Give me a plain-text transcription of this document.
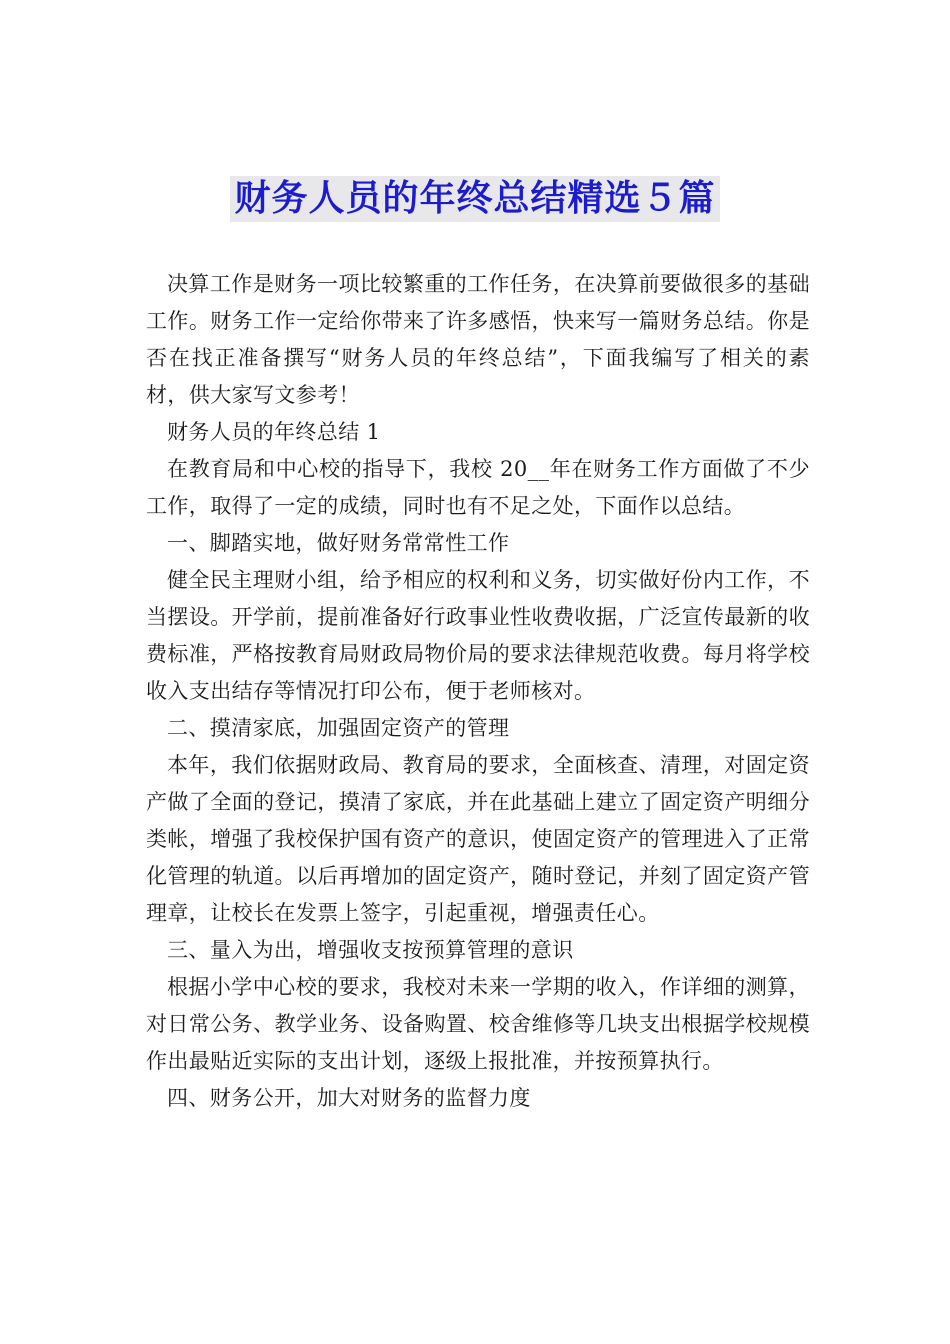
财务人员的年终总结精选５篇

决算工作是财务一项比较繁重的工作任务，在决算前要做很多的基础工作。财务工作一定给你带来了许多感悟，快来写一篇财务总结。你是否在找正准备撰写“财务人员的年终总结”，下面我编写了相关的素材，供大家写文参考！

财务人员的年终总结 1

在教育局和中心校的指导下，我校 20__年在财务工作方面做了不少工作，取得了一定的成绩，同时也有不足之处，下面作以总结。

一、脚踏实地，做好财务常常性工作

健全民主理财小组，给予相应的权利和义务，切实做好份内工作，不当摆设。开学前，提前准备好行政事业性收费收据，广泛宣传最新的收费标准，严格按教育局财政局物价局的要求法律规范收费。每月将学校收入支出结存等情况打印公布，便于老师核对。

二、摸清家底，加强固定资产的管理

本年，我们依据财政局、教育局的要求，全面核查、清理，对固定资产做了全面的登记，摸清了家底，并在此基础上建立了固定资产明细分类帐，增强了我校保护国有资产的意识，使固定资产的管理进入了正常化管理的轨道。以后再增加的固定资产，随时登记，并刻了固定资产管理章，让校长在发票上签字，引起重视，增强责任心。

三、量入为出，增强收支按预算管理的意识

根据小学中心校的要求，我校对未来一学期的收入，作详细的测算，对日常公务、教学业务、设备购置、校舍维修等几块支出根据学校规模作出最贴近实际的支出计划，逐级上报批准，并按预算执行。

四、财务公开，加大对财务的监督力度
